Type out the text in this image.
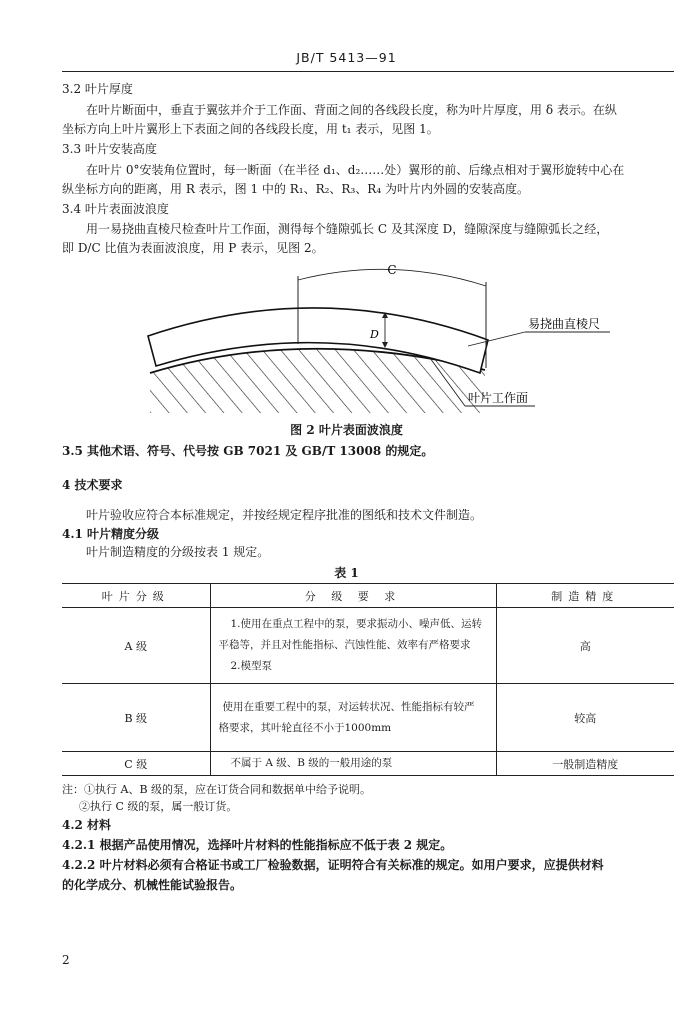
JB/T 5413—91
3.2 叶片厚度
在叶片断面中，垂直于翼弦并介于工作面、背面之间的各线段长度，称为叶片厚度，用 δ 表示。在纵
坐标方向上叶片翼形上下表面之间的各线段长度，用 t₁ 表示，见图 1。
3.3 叶片安装高度
在叶片 0°安装角位置时，每一断面（在半径 d₁、d₂……处）翼形的前、后缘点相对于翼形旋转中心在
纵坐标方向的距离，用 R 表示，图 1 中的 R₁、R₂、R₃、R₄ 为叶片内外圆的安装高度。
3.4 叶片表面波浪度
用一易挠曲直棱尺检查叶片工作面，测得每个缝隙弧长 C 及其深度 D，缝隙深度与缝隙弧长之经，
即 D/C 比值为表面波浪度，用 P 表示，见图 2。
C
D
易挠曲直棱尺
叶片工作面
图 2 叶片表面波浪度
3.5 其他术语、符号、代号按 GB 7021 及 GB/T 13008 的规定。
4 技术要求
叶片验收应符合本标准规定，并按经规定程序批准的图纸和技术文件制造。
4.1 叶片精度分级
叶片制造精度的分级按表 1 规定。
表 1
叶片分级	分 级 要 求	制造精度
A 级	1.使用在重点工程中的泵，要求振动小、噪声低、运转
平稳等，并且对性能指标、汽蚀性能、效率有严格要求
2.模型泵	高
B 级	使用在重要工程中的泵，对运转状况、性能指标有较严
格要求，其叶轮直径不小于1000mm	较高
C 级	不属于 A 级、B 级的一般用途的泵	一般制造精度
注：①执行 A、B 级的泵，应在订货合同和数据单中给予说明。
②执行 C 级的泵，属一般订货。
4.2 材料
4.2.1 根据产品使用情况，选择叶片材料的性能指标应不低于表 2 规定。
4.2.2 叶片材料必须有合格证书或工厂检验数据，证明符合有关标准的规定。如用户要求，应提供材料
的化学成分、机械性能试验报告。
2
